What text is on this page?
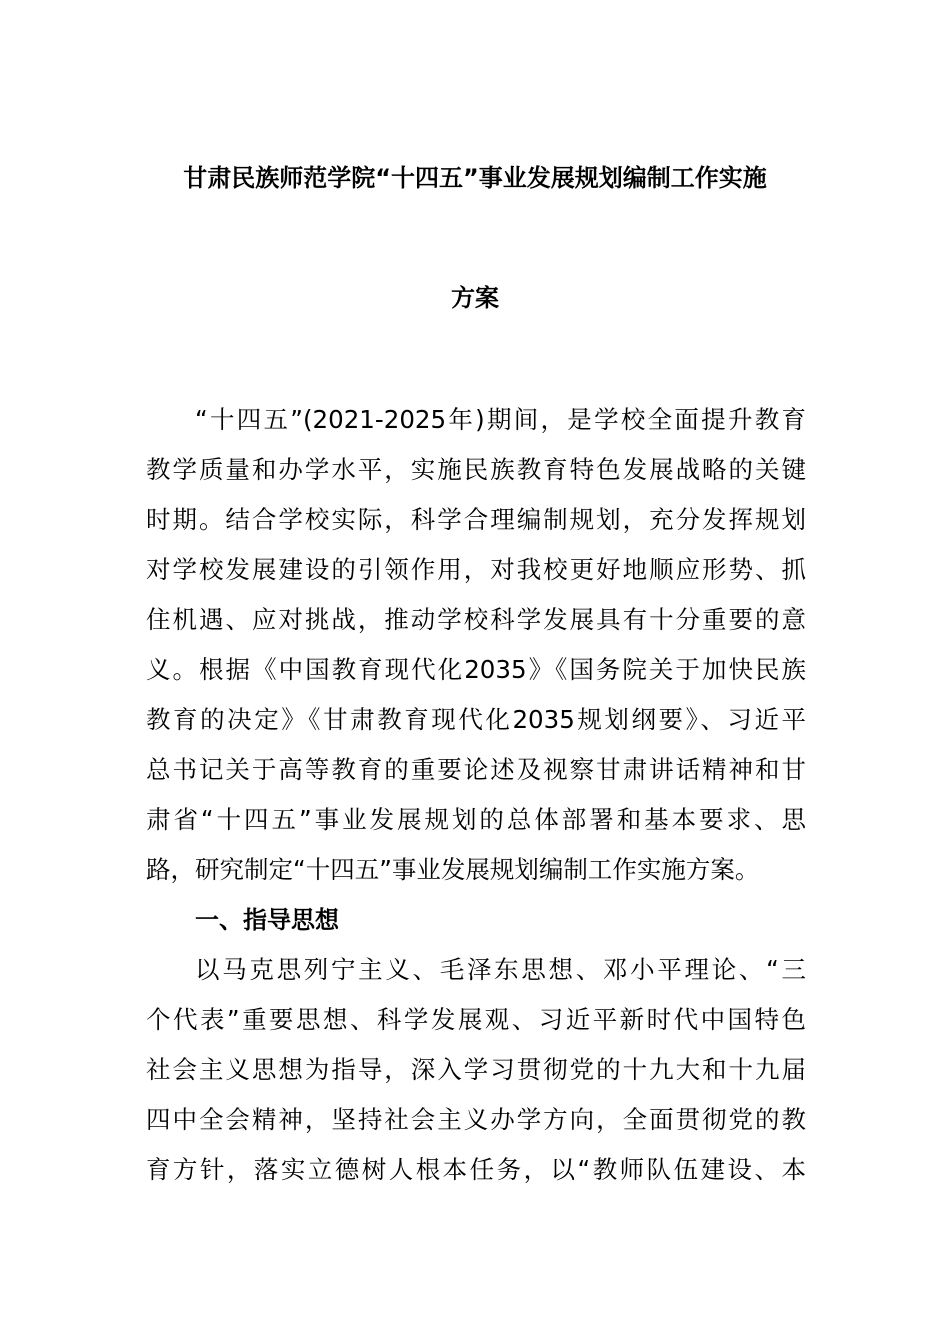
甘肃民族师范学院“十四五”事业发展规划编制工作实施
方案
“十四五”(2021-2025年)期间，是学校全面提升教育
教学质量和办学水平，实施民族教育特色发展战略的关键
时期。结合学校实际，科学合理编制规划，充分发挥规划
对学校发展建设的引领作用，对我校更好地顺应形势、抓
住机遇、应对挑战，推动学校科学发展具有十分重要的意
义。根据《中国教育现代化2035》《国务院关于加快民族
教育的决定》《甘肃教育现代化2035规划纲要》、习近平
总书记关于高等教育的重要论述及视察甘肃讲话精神和甘
肃省“十四五”事业发展规划的总体部署和基本要求、思
路，研究制定“十四五”事业发展规划编制工作实施方案。
一、指导思想
以马克思列宁主义、毛泽东思想、邓小平理论、“三
个代表”重要思想、科学发展观、习近平新时代中国特色
社会主义思想为指导，深入学习贯彻党的十九大和十九届
四中全会精神，坚持社会主义办学方向，全面贯彻党的教
育方针，落实立德树人根本任务，以“教师队伍建设、本
